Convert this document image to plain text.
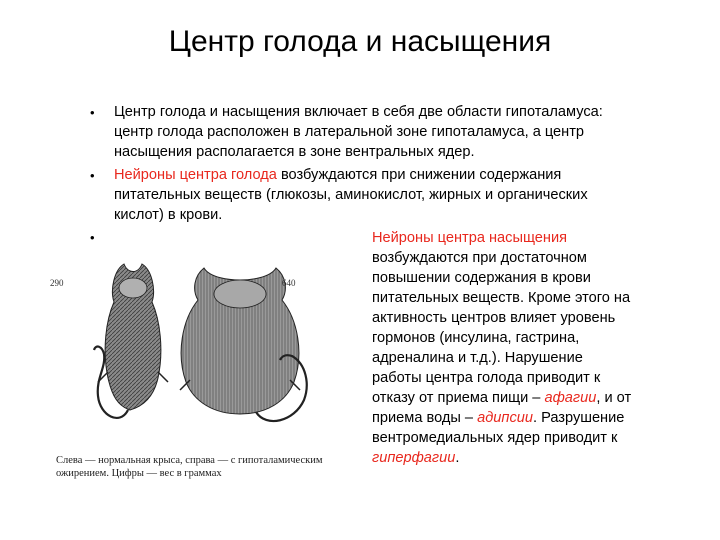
Центр голода и насыщения
• Центр голода и насыщения включает в себя две области гипоталамуса:
центр голода расположен в латеральной зоне гипоталамуса, а центр
насыщения располагается в зоне вентральных ядер.
• Нейроны центра голода возбуждаются при снижении содержания
питательных веществ (глюкозы, аминокислот, жирных и органических
кислот) в крови.
•	Нейроны центра насыщения
возбуждаются при достаточном
повышении содержания в крови
питательных веществ. Кроме этого на
активность центров влияет уровень
гормонов (инсулина, гастрина,
адреналина и т.д.). Нарушение
работы центра голода приводит к
отказу от приема пищи – афагии, и от
приема воды – адипсии. Разрушение
вентромедиальных ядер приводит к
гиперфагии.
290	640
Слева — нормальная крыса, справа — с гипоталамическим
ожирением. Цифры — вес в граммах
